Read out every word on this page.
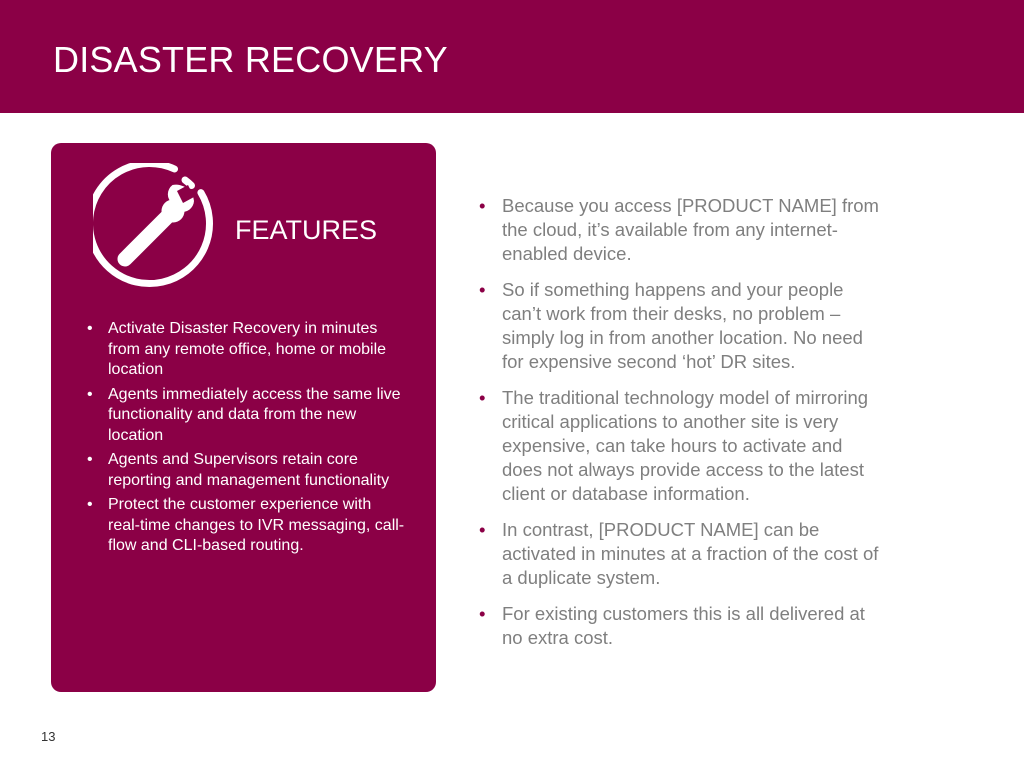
DISASTER RECOVERY
FEATURES
• Activate Disaster Recovery in minutes from any remote office, home or mobile location
• Agents immediately access the same live functionality and data from the new location
• Agents and Supervisors retain core reporting and management functionality
• Protect the customer experience with real-time changes to IVR messaging, call-flow and CLI-based routing.
• Because you access [PRODUCT NAME] from the cloud, it’s available from any internet-enabled device.
• So if something happens and your people can’t work from their desks, no problem – simply log in from another location. No need for expensive second ‘hot’ DR sites.
• The traditional technology model of mirroring critical applications to another site is very expensive, can take hours to activate and does not always provide access to the latest client or database information.
• In contrast, [PRODUCT NAME] can be activated in minutes at a fraction of the cost of a duplicate system.
• For existing customers this is all delivered at no extra cost.
13
